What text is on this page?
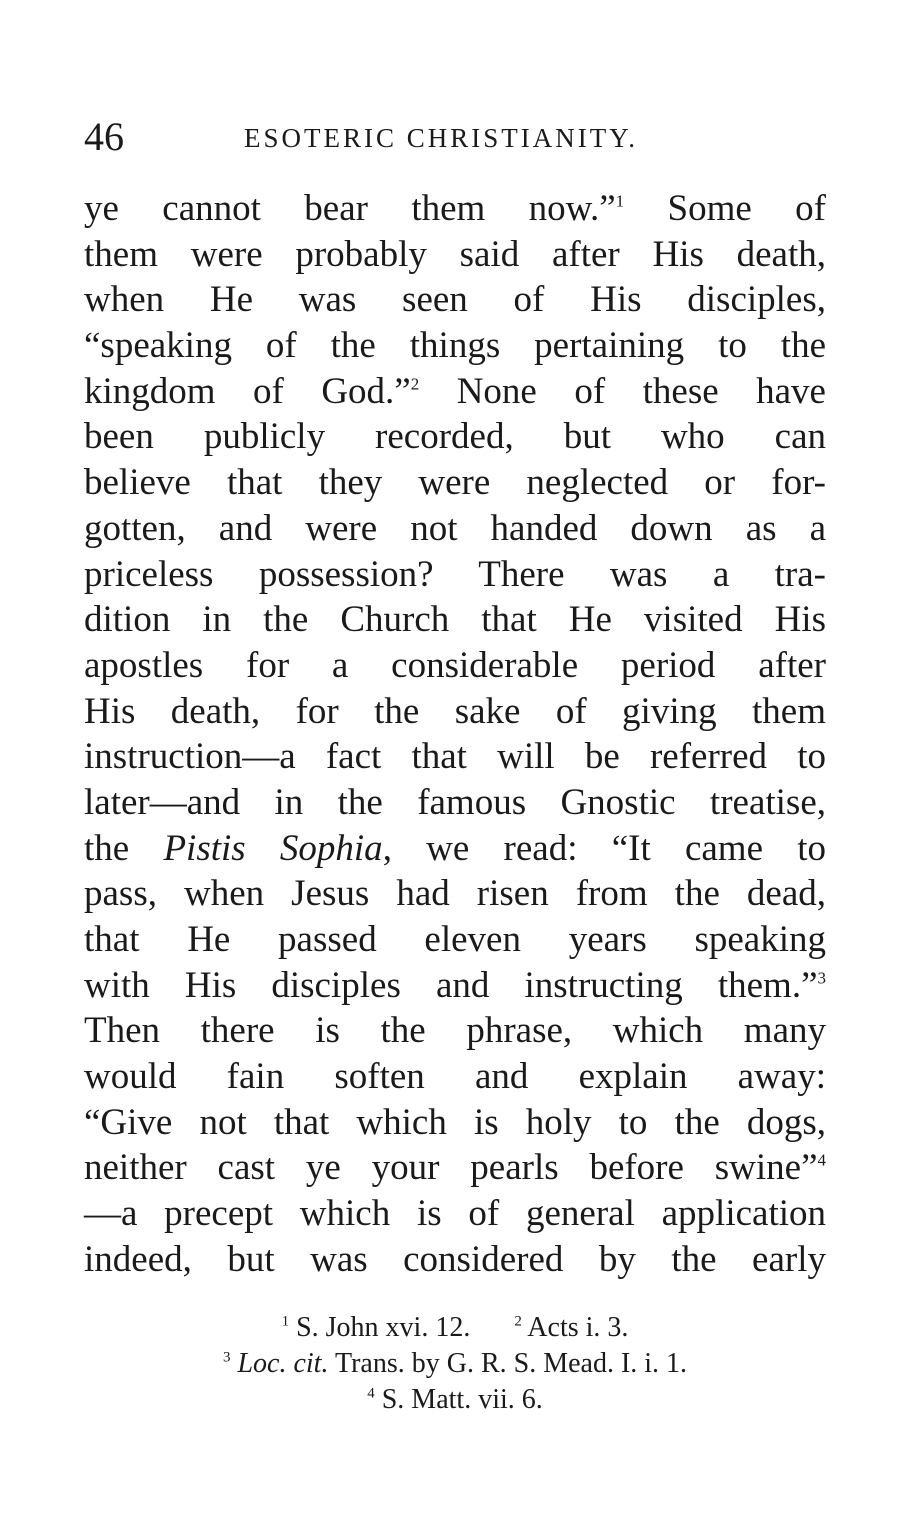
46	ESOTERIC CHRISTIANITY.
ye cannot bear them now.”$^1$ Some of
them were probably said after His death,
when He was seen of His disciples,
“speaking of the things pertaining to the
kingdom of God.”$^2$ None of these have
been publicly recorded, but who can
believe that they were neglected or for-
gotten, and were not handed down as a
priceless possession? There was a tra-
dition in the Church that He visited His
apostles for a considerable period after
His death, for the sake of giving them
instruction—a fact that will be referred to
later—and in the famous Gnostic treatise,
the Pistis Sophia, we read: “It came to
pass, when Jesus had risen from the dead,
that He passed eleven years speaking
with His disciples and instructing them.”$^3$
Then there is the phrase, which many
would fain soften and explain away:
“Give not that which is holy to the dogs,
neither cast ye your pearls before swine”$^4$
—a precept which is of general application
indeed, but was considered by the early
$^1$ S. John xvi. 12.	$^2$ Acts i. 3.
$^3$ Loc. cit. Trans. by G. R. S. Mead. I. i. 1.
$^4$ S. Matt. vii. 6.
